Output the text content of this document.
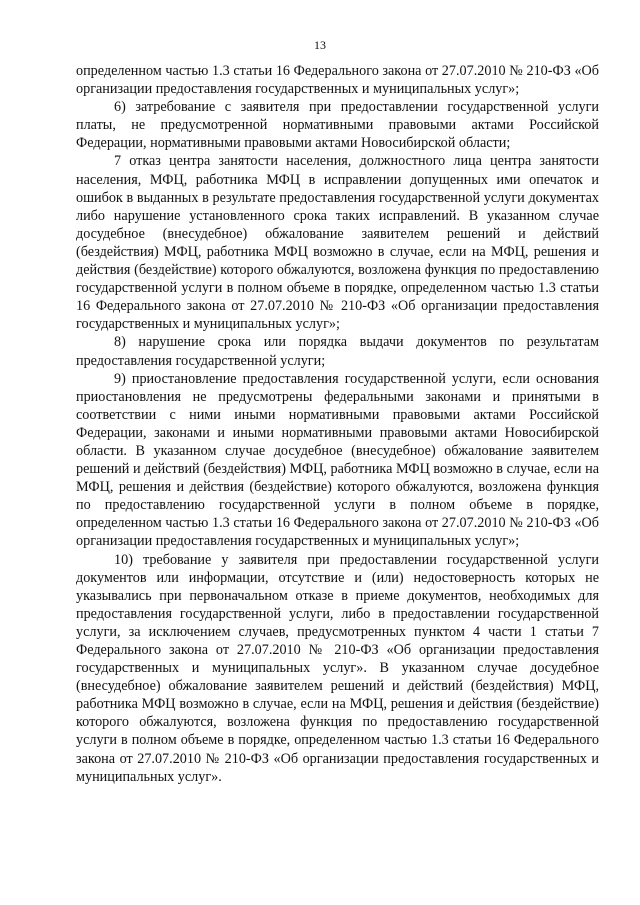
13

определенном частью 1.3 статьи 16 Федерального закона от 27.07.2010 № 210-ФЗ «Об организации предоставления государственных и муниципальных услуг»;

6) затребование с заявителя при предоставлении государственной услуги платы, не предусмотренной нормативными правовыми актами Российской Федерации, нормативными правовыми актами Новосибирской области;

7 отказ центра занятости населения, должностного лица центра занятости населения, МФЦ, работника МФЦ в исправлении допущенных ими опечаток и ошибок в выданных в результате предоставления государственной услуги документах либо нарушение установленного срока таких исправлений. В указанном случае досудебное (внесудебное) обжалование заявителем решений и действий (бездействия) МФЦ, работника МФЦ возможно в случае, если на МФЦ, решения и действия (бездействие) которого обжалуются, возложена функция по предоставлению государственной услуги в полном объеме в порядке, определенном частью 1.3 статьи 16 Федерального закона от 27.07.2010 № 210-ФЗ «Об организации предоставления государственных и муниципальных услуг»;

8) нарушение срока или порядка выдачи документов по результатам предоставления государственной услуги;

9) приостановление предоставления государственной услуги, если основания приостановления не предусмотрены федеральными законами и принятыми в соответствии с ними иными нормативными правовыми актами Российской Федерации, законами и иными нормативными правовыми актами Новосибирской области. В указанном случае досудебное (внесудебное) обжалование заявителем решений и действий (бездействия) МФЦ, работника МФЦ возможно в случае, если на МФЦ, решения и действия (бездействие) которого обжалуются, возложена функция по предоставлению государственной услуги в полном объеме в порядке, определенном частью 1.3 статьи 16 Федерального закона от 27.07.2010 № 210-ФЗ «Об организации предоставления государственных и муниципальных услуг»;

10) требование у заявителя при предоставлении государственной услуги документов или информации, отсутствие и (или) недостоверность которых не указывались при первоначальном отказе в приеме документов, необходимых для предоставления государственной услуги, либо в предоставлении государственной услуги, за исключением случаев, предусмотренных пунктом 4 части 1 статьи 7 Федерального закона от 27.07.2010 № 210-ФЗ «Об организации предоставления государственных и муниципальных услуг». В указанном случае досудебное (внесудебное) обжалование заявителем решений и действий (бездействия) МФЦ, работника МФЦ возможно в случае, если на МФЦ, решения и действия (бездействие) которого обжалуются, возложена функция по предоставлению государственной услуги в полном объеме в порядке, определенном частью 1.3 статьи 16 Федерального закона от 27.07.2010 № 210-ФЗ «Об организации предоставления государственных и муниципальных услуг».
